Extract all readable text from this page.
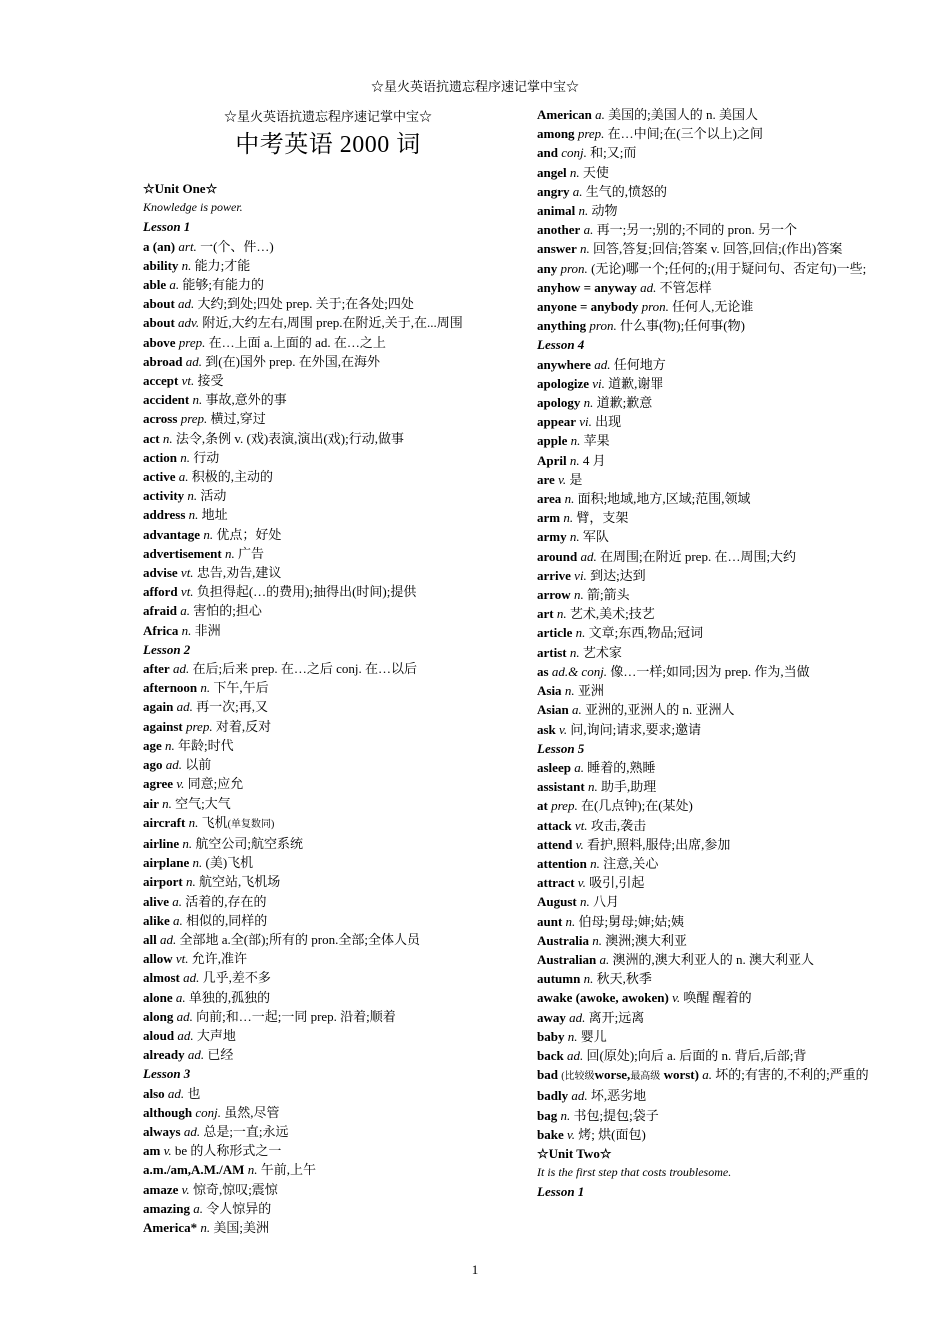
☆星火英语抗遗忘程序速记掌中宝☆
☆星火英语抗遗忘程序速记掌中宝☆
中考英语 2000 词
☆Unit One☆
Knowledge is power.
Lesson 1
a (an) art. 一(个、件…)
ability n. 能力;才能
able a. 能够;有能力的
about ad. 大约;到处;四处 prep. 关于;在各处;四处
about adv. 附近,大约左右,周围 prep.在附近,关于,在...周围
above prep. 在…上面 a.上面的 ad. 在…之上
abroad ad. 到(在)国外 prep. 在外国,在海外
accept vt. 接受
accident n. 事故,意外的事
across prep. 横过,穿过
act n. 法令,条例 v. (戏)表演,演出(戏);行动,做事
action n. 行动
active a. 积极的,主动的
activity n. 活动
address n. 地址
advantage n. 优点；好处
advertisement n. 广告
advise vt. 忠告,劝告,建议
afford vt. 负担得起(…的费用);抽得出(时间);提供
afraid a. 害怕的;担心
Africa n. 非洲
Lesson 2
after ad. 在后;后来 prep. 在…之后 conj. 在…以后
afternoon n. 下午,午后
again ad. 再一次;再,又
against prep. 对着,反对
age n. 年龄;时代
ago ad. 以前
agree v. 同意;应允
air n. 空气;大气
aircraft n. 飞机(单复数同)
airline n. 航空公司;航空系统
airplane n. (美)飞机
airport n. 航空站,飞机场
alive a. 活着的,存在的
alike a. 相似的,同样的
all ad. 全部地 a.全(部);所有的 pron.全部;全体人员
allow vt. 允许,准许
almost ad. 几乎,差不多
alone a. 单独的,孤独的
along ad. 向前;和…一起;一同 prep. 沿着;顺着
aloud ad. 大声地
already ad. 已经
Lesson 3
also ad. 也
although conj. 虽然,尽管
always ad. 总是;一直;永远
am v. be 的人称形式之一
a.m./am,A.M./AM n. 午前,上午
amaze v. 惊奇,惊叹;震惊
amazing a. 令人惊异的
America* n. 美国;美洲
American a. 美国的;美国人的 n. 美国人
among prep. 在…中间;在(三个以上)之间
and conj. 和;又;而
angel n. 天使
angry a. 生气的,愤怒的
animal n. 动物
another a. 再一;另一;别的;不同的 pron. 另一个
answer n. 回答,答复;回信;答案 v. 回答,回信;(作出)答案
any pron. (无论)哪一个;任何的;(用于疑问句、否定句)一些;
anyhow = anyway ad. 不管怎样
anyone = anybody pron. 任何人,无论谁
anything pron. 什么事(物);任何事(物)
Lesson 4
anywhere ad. 任何地方
apologize vi. 道歉,谢罪
apology n. 道歉;歉意
appear vi. 出现
apple n. 苹果
April n. 4 月
are v. 是
area n. 面积;地域,地方,区域;范围,领域
arm n. 臂，支架
army n. 军队
around ad. 在周围;在附近 prep. 在…周围;大约
arrive vi. 到达;达到
arrow n. 箭;箭头
art n. 艺术,美术;技艺
article n. 文章;东西,物品;冠词
artist n. 艺术家
as ad.& conj. 像…一样;如同;因为 prep. 作为,当做
Asia n. 亚洲
Asian a. 亚洲的,亚洲人的 n. 亚洲人
ask v. 问,询问;请求,要求;邀请
Lesson 5
asleep a. 睡着的,熟睡
assistant n. 助手,助理
at prep. 在(几点钟);在(某处)
attack vt. 攻击,袭击
attend v. 看护,照料,服侍;出席,参加
attention n. 注意,关心
attract v. 吸引,引起
August n. 八月
aunt n. 伯母;舅母;婶;姑;姨
Australia n. 澳洲;澳大利亚
Australian a. 澳洲的,澳大利亚人的 n. 澳大利亚人
autumn n. 秋天,秋季
awake (awoke, awoken) v. 唤醒 醒着的
away ad. 离开;远离
baby n. 婴儿
back ad. 回(原处);向后 a. 后面的 n. 背后,后部;背
bad (比较级worse,最高级 worst) a. 坏的;有害的,不利的;严重的
badly ad. 坏,恶劣地
bag n. 书包;提包;袋子
bake v. 烤; 烘(面包)
☆Unit Two☆
It is the first step that costs troublesome.
Lesson 1
1
